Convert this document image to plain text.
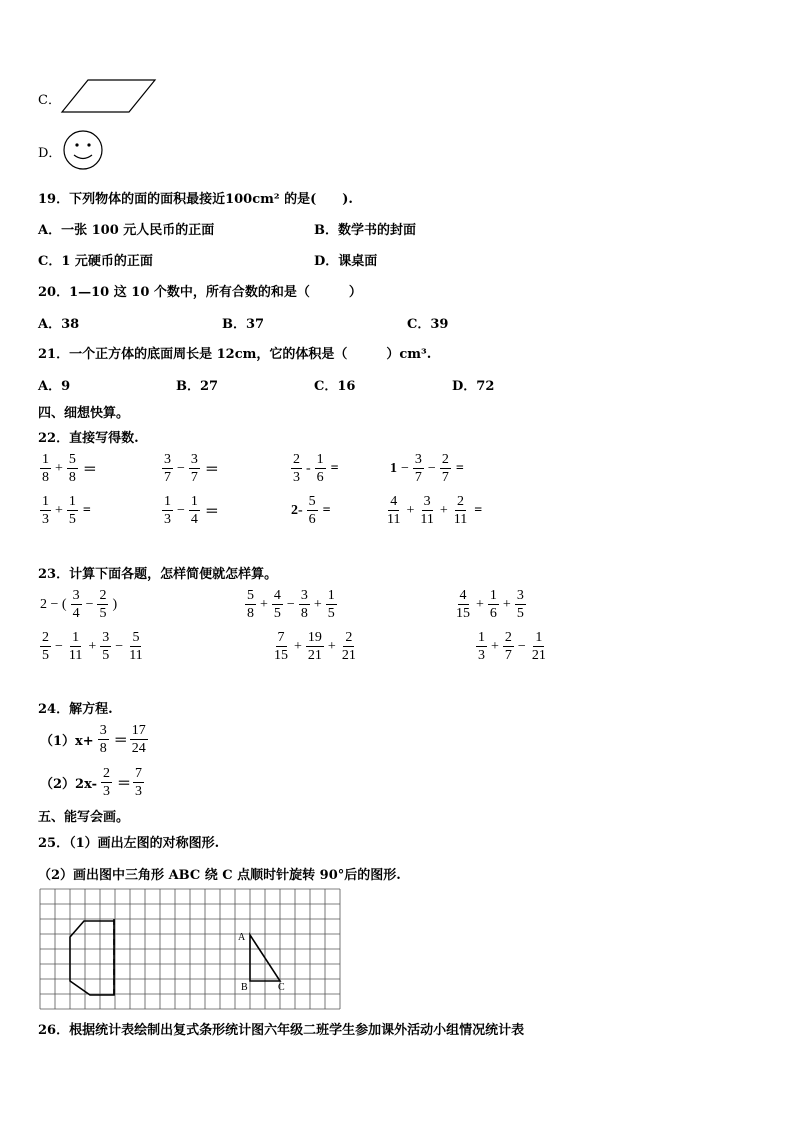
C．
D．
19．下列物体的面的面积最接近100cm² 的是(　　).
A．一张 100 元人民币的正面	B．数学书的封面
C．1 元硬币的正面	D．课桌面
20．1—10 这 10 个数中，所有合数的和是（　　　）
A．38	B．37	C．39
21．一个正方体的底面周长是 12cm，它的体积是（　　　）cm³.
A．9	B．27	C．16	D．72
四、细想快算。
22．直接写得数.
$\frac{1}{8} + \frac{5}{8}$ ＝	$\frac{3}{7} - \frac{3}{7}$ ＝	$\frac{2}{3} - \frac{1}{6}$ =	$1 - \frac{3}{7} - \frac{2}{7}$ =
$\frac{1}{3} + \frac{1}{5}$ =	$\frac{1}{3} - \frac{1}{4}$ ＝	$2- \frac{5}{6}$ =	$\frac{4}{11} + \frac{3}{11} + \frac{2}{11}$ =
23．计算下面各题，怎样简便就怎样算。
2 − ( $\frac{3}{4} - \frac{2}{5}$ )	$\frac{5}{8} + \frac{4}{5} - \frac{3}{8} + \frac{1}{5}$	$\frac{4}{15} + \frac{1}{6} + \frac{3}{5}$
$\frac{2}{5} - \frac{1}{11} + \frac{3}{5} - \frac{5}{11}$	$\frac{7}{15} + \frac{19}{21} + \frac{2}{21}$	$\frac{1}{3} + \frac{2}{7} - \frac{1}{21}$
24．解方程.
$(1)x+ \frac{3}{8} = \frac{17}{24}$
$(2)2x- \frac{2}{3} = \frac{7}{3}$
五、能写会画。
25．（1）画出左图的对称图形.
（2）画出图中三角形 ABC 绕 C 点顺时针旋转 90°后的图形.
A
B	C
26．根据统计表绘制出复式条形统计图六年级二班学生参加课外活动小组情况统计表
